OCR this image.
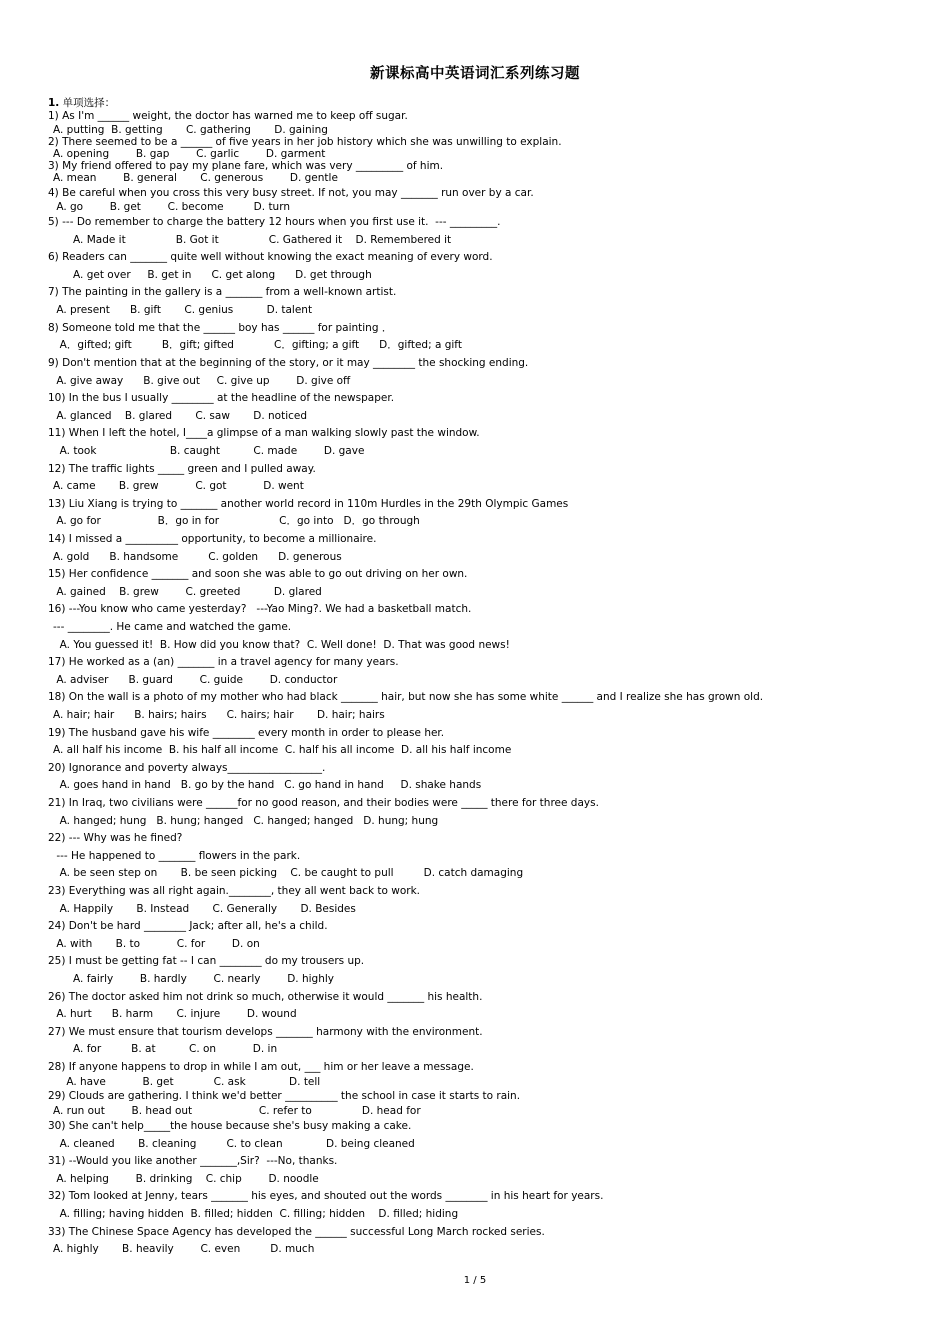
新课标高中英语词汇系列练习题
1. 单项选择：
1) As I'm ______ weight, the doctor has warned me to keep off sugar.
A. putting  B. getting       C. gathering       D. gaining
2) There seemed to be a ______ of five years in her job history which she was unwilling to explain.
A. opening        B. gap        C. garlic        D. garment
3) My friend offered to pay my plane fare, which was very _________ of him.
A. mean        B. general       C. generous        D. gentle
4) Be careful when you cross this very busy street. If not, you may _______ run over by a car.
A. go        B. get        C. become         D. turn
5) --- Do remember to charge the battery 12 hours when you first use it.  --- _________.
A. Made it               B. Got it               C. Gathered it    D. Remembered it
6) Readers can _______ quite well without knowing the exact meaning of every word.
A. get over     B. get in      C. get along      D. get through
7) The painting in the gallery is a _______ from a well-known artist.
A. present      B. gift       C. genius          D. talent
8) Someone told me that the ______ boy has ______ for painting ．
A．gifted; gift         B．gift; gifted            C．gifting; a gift      D．gifted; a gift
9) Don't mention that at the beginning of the story, or it may ________ the shocking ending.
A. give away      B. give out     C. give up        D. give off
10) In the bus I usually ________ at the headline of the newspaper.
A. glanced    B. glared       C. saw       D. noticed
11) When I left the hotel, I____a glimpse of a man walking slowly past the window.
A. took                      B. caught          C. made        D. gave
12) The traffic lights _____ green and I pulled away.
A. came       B. grew           C. got           D. went
13) Liu Xiang is trying to _______ another world record in 110m Hurdles in the 29th Olympic Games
A. go for                 B．go in for                  C．go into   D．go through
14) I missed a __________ opportunity, to become a millionaire.
A. gold      B. handsome         C. golden      D. generous
15) Her confidence _______ and soon she was able to go out driving on her own.
A. gained    B. grew        C. greeted          D. glared
16) ---You know who came yesterday?   ---Yao Ming?. We had a basketball match.
--- ________. He came and watched the game.
A. You guessed it!  B. How did you know that?  C. Well done!  D. That was good news!
17) He worked as a (an) _______ in a travel agency for many years.
A. adviser      B. guard        C. guide        D. conductor
18) On the wall is a photo of my mother who had black _______ hair, but now she has some white ______ and I realize she has grown old.
A. hair; hair      B. hairs; hairs      C. hairs; hair       D. hair; hairs
19) The husband gave his wife ________ every month in order to please her.
A. all half his income  B. his half all income  C. half his all income  D. all his half income
20) Ignorance and poverty always__________________.
A. goes hand in hand   B. go by the hand   C. go hand in hand     D. shake hands
21) In Iraq, two civilians were ______for no good reason, and their bodies were _____ there for three days.
A. hanged; hung   B. hung; hanged   C. hanged; hanged   D. hung; hung
22) --- Why was he fined?
--- He happened to _______ flowers in the park.
A. be seen step on       B. be seen picking    C. be caught to pull         D. catch damaging
23) Everything was all right again.________, they all went back to work.
A. Happily       B. Instead       C. Generally       D. Besides
24) Don't be hard ________ Jack; after all, he's a child.
A. with       B. to           C. for        D. on
25) I must be getting fat -- I can ________ do my trousers up.
A. fairly        B. hardly        C. nearly        D. highly
26) The doctor asked him not drink so much, otherwise it would _______ his health.
A. hurt      B. harm       C. injure        D. wound
27) We must ensure that tourism develops _______ harmony with the environment.
A. for         B. at          C. on           D. in
28) If anyone happens to drop in while I am out, ___ him or her leave a message.
A. have           B. get            C. ask             D. tell
29) Clouds are gathering. I think we'd better __________ the school in case it starts to rain.
A. run out        B. head out                    C. refer to               D. head for
30) She can't help_____the house because she's busy making a cake.
A. cleaned       B. cleaning         C. to clean             D. being cleaned
31) --Would you like another _______,Sir?  ---No, thanks.
A. helping        B. drinking    C. chip        D. noodle
32) Tom looked at Jenny, tears _______ his eyes, and shouted out the words ________ in his heart for years.
A. filling; having hidden  B. filled; hidden  C. filling; hidden    D. filled; hiding
33) The Chinese Space Agency has developed the ______ successful Long March rocked series.
A. highly       B. heavily        C. even         D. much
1 / 5
